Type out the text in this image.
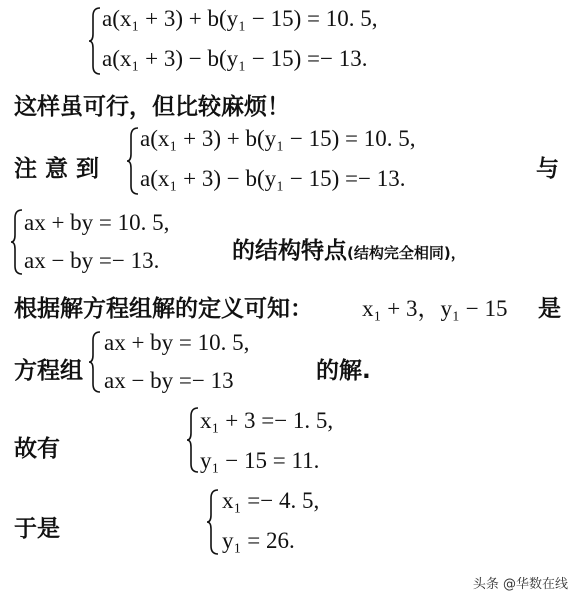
a(x₁ + 3) + b(y₁ − 15) = 10. 5,
a(x₁ + 3) − b(y₁ − 15) =− 13.
这样虽可行，但比较麻烦！
注 意 到
a(x₁ + 3) + b(y₁ − 15) = 10. 5,
a(x₁ + 3) − b(y₁ − 15) =− 13.	与
ax + by = 10. 5,
ax − by =− 13.	的结构特点(结构完全相同)，
根据解方程组解的定义可知： x₁ + 3，y₁ − 15 是
方程组
ax + by = 10. 5,
ax − by =− 13	的解.
故有
x₁ + 3 =− 1. 5,
y₁ − 15 = 11.
于是
x₁ =− 4. 5,
y₁ = 26.
头条 @华数在线
